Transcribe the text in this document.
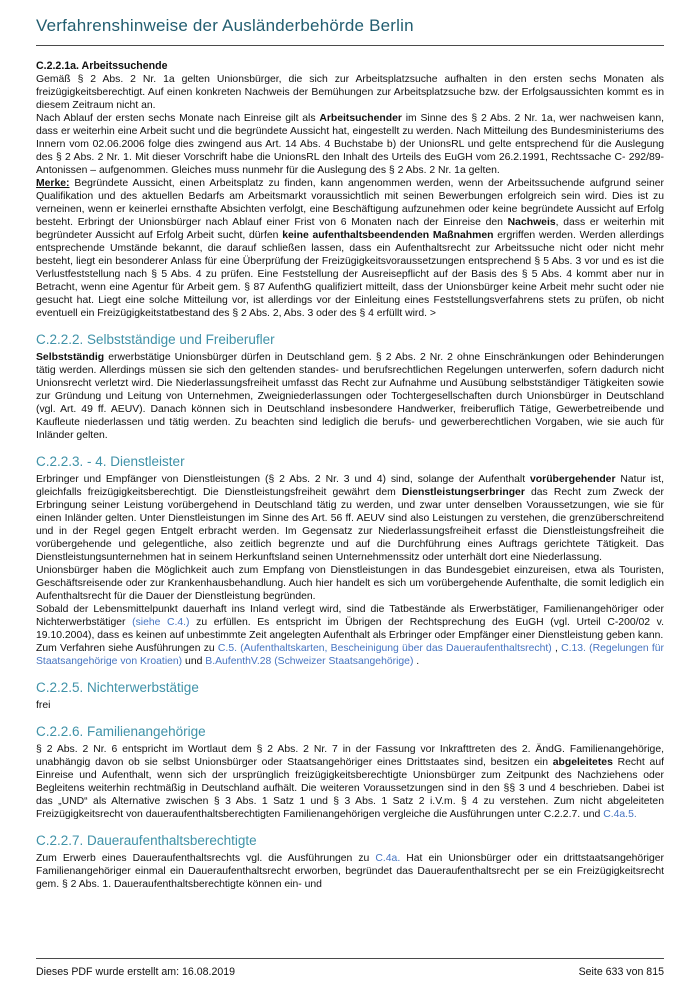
Verfahrenshinweise der Ausländerbehörde Berlin
C.2.2.1a. Arbeitssuchende

Gemäß § 2 Abs. 2 Nr. 1a gelten Unionsbürger, die sich zur Arbeitsplatzsuche aufhalten in den ersten sechs Monaten als freizügigkeitsberechtigt. Auf einen konkreten Nachweis der Bemühungen zur Arbeitsplatzsuche bzw. der Erfolgsaussichten kommt es in diesem Zeitraum nicht an.

Nach Ablauf der ersten sechs Monate nach Einreise gilt als Arbeitsuchender im Sinne des § 2 Abs. 2 Nr. 1a, wer nachweisen kann, dass er weiterhin eine Arbeit sucht und die begründete Aussicht hat, eingestellt zu werden. Nach Mitteilung des Bundesministeriums des Innern vom 02.06.2006 folge dies zwingend aus Art. 14 Abs. 4 Buchstabe b) der UnionsRL und gelte entsprechend für die Auslegung des § 2 Abs. 2 Nr. 1. Mit dieser Vorschrift habe die UnionsRL den Inhalt des Urteils des EuGH vom 26.2.1991, Rechtssache C- 292/89- Antonissen – aufgenommen. Gleiches muss nunmehr für die Auslegung des § 2 Abs. 2 Nr. 1a gelten.

Merke: Begründete Aussicht, einen Arbeitsplatz zu finden, kann angenommen werden, wenn der Arbeitssuchende aufgrund seiner Qualifikation und des aktuellen Bedarfs am Arbeitsmarkt voraussichtlich mit seinen Bewerbungen erfolgreich sein wird. Dies ist zu verneinen, wenn er keinerlei ernsthafte Absichten verfolgt, eine Beschäftigung aufzunehmen oder keine begründete Aussicht auf Erfolg besteht. Erbringt der Unionsbürger nach Ablauf einer Frist von 6 Monaten nach der Einreise den Nachweis, dass er weiterhin mit begründeter Aussicht auf Erfolg Arbeit sucht, dürfen keine aufenthaltsbeendenden Maßnahmen ergriffen werden. Werden allerdings entsprechende Umstände bekannt, die darauf schließen lassen, dass ein Aufenthaltsrecht zur Arbeitssuche nicht oder nicht mehr besteht, liegt ein besonderer Anlass für eine Überprüfung der Freizügigkeitsvoraussetzungen entsprechend § 5 Abs. 3 vor und es ist die Verlustfeststellung nach § 5 Abs. 4 zu prüfen. Eine Feststellung der Ausreisepflicht auf der Basis des § 5 Abs. 4 kommt aber nur in Betracht, wenn eine Agentur für Arbeit gem. § 87 AufenthG qualifiziert mitteilt, dass der Unionsbürger keine Arbeit mehr sucht oder nie gesucht hat. Liegt eine solche Mitteilung vor, ist allerdings vor der Einleitung eines Feststellungsverfahrens stets zu prüfen, ob nicht eventuell ein Freizügigkeitstatbestand des § 2 Abs. 2, Abs. 3 oder des § 4 erfüllt wird. >

C.2.2.2. Selbstständige und Freiberufler

Selbstständig erwerbstätige Unionsbürger dürfen in Deutschland gem. § 2 Abs. 2 Nr. 2 ohne Einschränkungen oder Behinderungen tätig werden. Allerdings müssen sie sich den geltenden standes- und berufsrechtlichen Regelungen unterwerfen, sofern dadurch nicht Unionsrecht verletzt wird. Die Niederlassungsfreiheit umfasst das Recht zur Aufnahme und Ausübung selbstständiger Tätigkeiten sowie zur Gründung und Leitung von Unternehmen, Zweigniederlassungen oder Tochtergesellschaften durch Unionsbürger in Deutschland (vgl. Art. 49 ff. AEUV). Danach können sich in Deutschland insbesondere Handwerker, freiberuflich Tätige, Gewerbetreibende und Kaufleute niederlassen und tätig werden. Zu beachten sind lediglich die berufs- und gewerberechtlichen Vorgaben, wie sie auch für Inländer gelten.

C.2.2.3. - 4. Dienstleister

Erbringer und Empfänger von Dienstleistungen (§ 2 Abs. 2 Nr. 3 und 4) sind, solange der Aufenthalt vorübergehender Natur ist, gleichfalls freizügigkeitsberechtigt. Die Dienstleistungsfreiheit gewährt dem Dienstleistungserbringer das Recht zum Zweck der Erbringung seiner Leistung vorübergehend in Deutschland tätig zu werden, und zwar unter denselben Voraussetzungen, wie sie für einen Inländer gelten. Unter Dienstleistungen im Sinne des Art. 56 ff. AEUV sind also Leistungen zu verstehen, die grenzüberschreitend und in der Regel gegen Entgelt erbracht werden. Im Gegensatz zur Niederlassungsfreiheit erfasst die Dienstleistungsfreiheit die vorübergehende und gelegentliche, also zeitlich begrenzte und auf die Durchführung eines Auftrags gerichtete Tätigkeit. Das Dienstleistungsunternehmen hat in seinem Herkunftsland seinen Unternehmenssitz oder unterhält dort eine Niederlassung.

Unionsbürger haben die Möglichkeit auch zum Empfang von Dienstleistungen in das Bundesgebiet einzureisen, etwa als Touristen, Geschäftsreisende oder zur Krankenhausbehandlung. Auch hier handelt es sich um vorübergehende Aufenthalte, die somit lediglich ein Aufenthaltsrecht für die Dauer der Dienstleistung begründen.

Sobald der Lebensmittelpunkt dauerhaft ins Inland verlegt wird, sind die Tatbestände als Erwerbstätiger, Familienangehöriger oder Nichterwerbstätiger (siehe C.4.) zu erfüllen. Es entspricht im Übrigen der Rechtsprechung des EuGH (vgl. Urteil C-200/02 v. 19.10.2004), dass es keinen auf unbestimmte Zeit angelegten Aufenthalt als Erbringer oder Empfänger einer Dienstleistung geben kann.

Zum Verfahren siehe Ausführungen zu C.5. (Aufenthaltskarten, Bescheinigung über das Daueraufenthaltsrecht) , C.13. (Regelungen für Staatsangehörige von Kroatien) und B.AufenthV.28 (Schweizer Staatsangehörige) .

C.2.2.5. Nichterwerbstätige

frei

C.2.2.6. Familienangehörige

§ 2 Abs. 2 Nr. 6 entspricht im Wortlaut dem § 2 Abs. 2 Nr. 7 in der Fassung vor Inkrafttreten des 2. ÄndG. Familienangehörige, unabhängig davon ob sie selbst Unionsbürger oder Staatsangehöriger eines Drittstaates sind, besitzen ein abgeleitetes Recht auf Einreise und Aufenthalt, wenn sich der ursprünglich freizügigkeitsberechtigte Unionsbürger zum Zeitpunkt des Nachziehens oder Begleitens weiterhin rechtmäßig in Deutschland aufhält. Die weiteren Voraussetzungen sind in den §§ 3 und 4 beschrieben. Dabei ist das „UND“ als Alternative zwischen § 3 Abs. 1 Satz 1 und § 3 Abs. 1 Satz 2 i.V.m. § 4 zu verstehen. Zum nicht abgeleiteten Freizügigkeitsrecht von daueraufenthaltsberechtigten Familienangehörigen vergleiche die Ausführungen unter C.2.2.7. und C.4a.5.

C.2.2.7. Daueraufenthaltsberechtigte

Zum Erwerb eines Daueraufenthaltsrechts vgl. die Ausführungen zu C.4a. Hat ein Unionsbürger oder ein drittstaatsangehöriger Familienangehöriger einmal ein Daueraufenthaltsrecht erworben, begründet das Daueraufenthaltsrecht per se ein Freizügigkeitsrecht gem. § 2 Abs. 1. Daueraufenthaltsberechtigte können ein- und

Dieses PDF wurde erstellt am: 16.08.2019	Seite 633 von 815
